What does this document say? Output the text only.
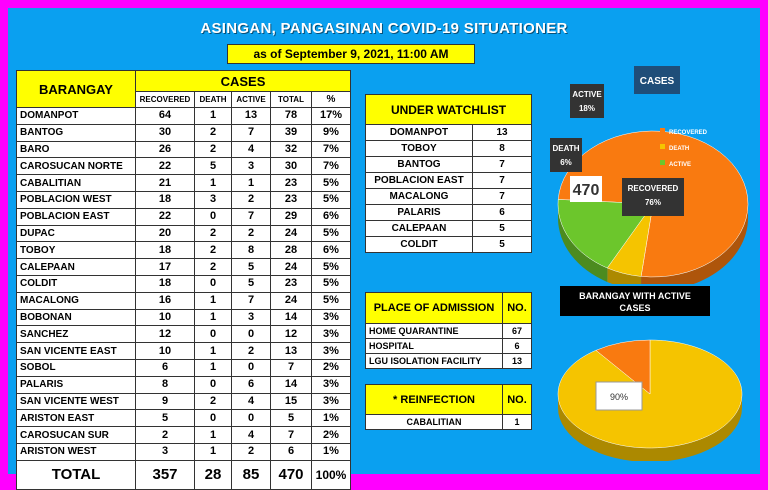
ASINGAN, PANGASINAN COVID-19 SITUATIONER
as of September 9, 2021, 11:00 AM
BARANGAY	CASES				
	RECOVERED	DEATH	ACTIVE	TOTAL	%
DOMANPOT	64	1	13	78	17%
BANTOG	30	2	7	39	9%
BARO	26	2	4	32	7%
CAROSUCAN NORTE	22	5	3	30	7%
CABALITIAN	21	1	1	23	5%
POBLACION WEST	18	3	2	23	5%
POBLACION EAST	22	0	7	29	6%
DUPAC	20	2	2	24	5%
TOBOY	18	2	8	28	6%
CALEPAAN	17	2	5	24	5%
COLDIT	18	0	5	23	5%
MACALONG	16	1	7	24	5%
BOBONAN	10	1	3	14	3%
SANCHEZ	12	0	0	12	3%
SAN VICENTE EAST	10	1	2	13	3%
SOBOL	6	1	0	7	2%
PALARIS	8	0	6	14	3%
SAN VICENTE WEST	9	2	4	15	3%
ARISTON EAST	5	0	0	5	1%
CAROSUCAN SUR	2	1	4	7	2%
ARISTON WEST	3	1	2	6	1%
TOTAL	357	28	85	470	100%
UNDER WATCHLIST	
DOMANPOT	13
TOBOY	8
BANTOG	7
POBLACION EAST	7
MACALONG	7
PALARIS	6
CALEPAAN	5
COLDIT	5
PLACE OF ADMISSION	NO.
HOME QUARANTINE	67
HOSPITAL	6
LGU ISOLATION FACILITY	13
* REINFECTION	NO.
CABALITIAN	1
CASES
470	RECOVERED
76%
DEATH
6%
ACTIVE
18%
RECOVERED
DEATH
ACTIVE
BARANGAY WITH ACTIVE
CASES
90%
